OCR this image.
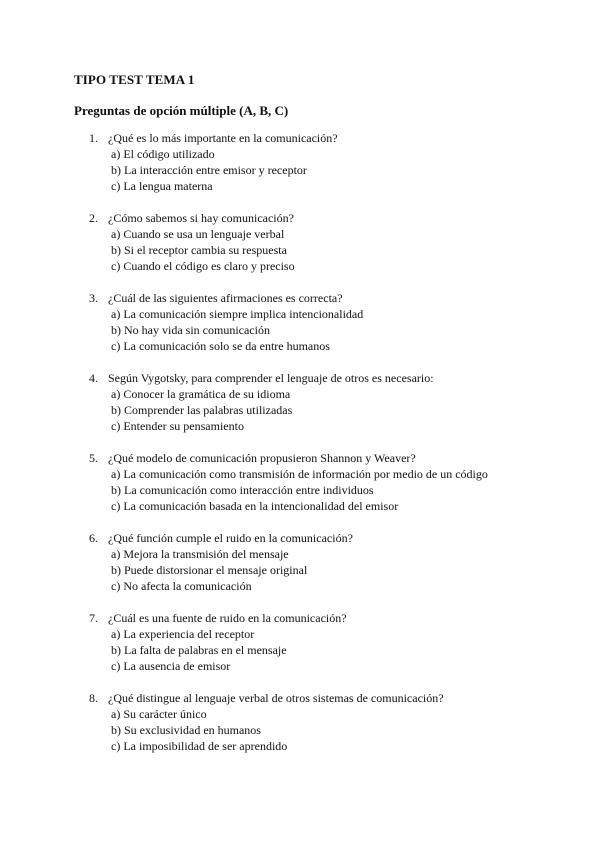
TIPO TEST TEMA 1
Preguntas de opción múltiple (A, B, C)
1. ¿Qué es lo más importante en la comunicación?
a) El código utilizado
b) La interacción entre emisor y receptor
c) La lengua materna
2. ¿Cómo sabemos si hay comunicación?
a) Cuando se usa un lenguaje verbal
b) Si el receptor cambia su respuesta
c) Cuando el código es claro y preciso
3. ¿Cuál de las siguientes afirmaciones es correcta?
a) La comunicación siempre implica intencionalidad
b) No hay vida sin comunicación
c) La comunicación solo se da entre humanos
4. Según Vygotsky, para comprender el lenguaje de otros es necesario:
a) Conocer la gramática de su idioma
b) Comprender las palabras utilizadas
c) Entender su pensamiento
5. ¿Qué modelo de comunicación propusieron Shannon y Weaver?
a) La comunicación como transmisión de información por medio de un código
b) La comunicación como interacción entre individuos
c) La comunicación basada en la intencionalidad del emisor
6. ¿Qué función cumple el ruido en la comunicación?
a) Mejora la transmisión del mensaje
b) Puede distorsionar el mensaje original
c) No afecta la comunicación
7. ¿Cuál es una fuente de ruido en la comunicación?
a) La experiencia del receptor
b) La falta de palabras en el mensaje
c) La ausencia de emisor
8. ¿Qué distingue al lenguaje verbal de otros sistemas de comunicación?
a) Su carácter único
b) Su exclusividad en humanos
c) La imposibilidad de ser aprendido
